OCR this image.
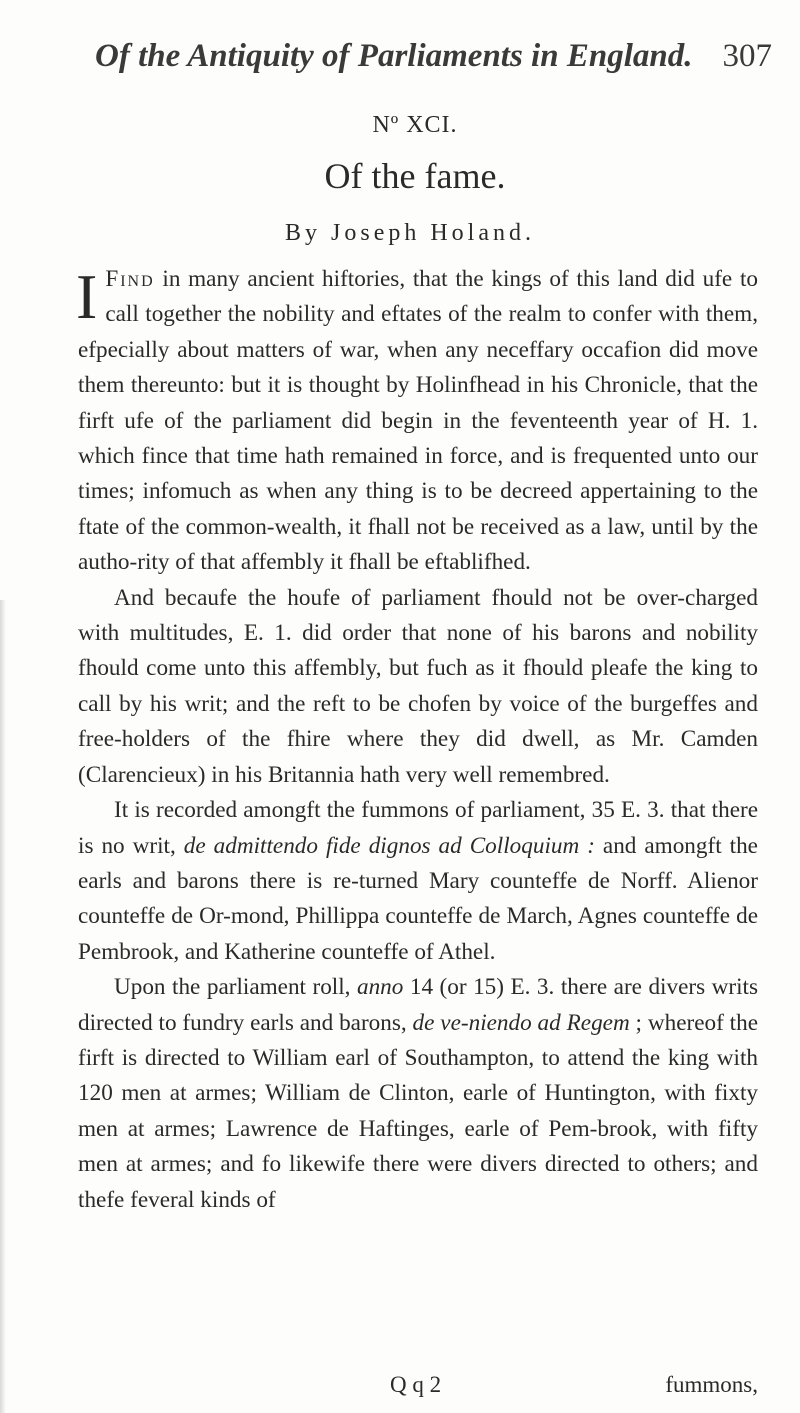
Of the Antiquity of Parliaments in England. 307
Nº XCI.
Of the fame.
By Joseph Holand.

I Find in many ancient hiftories, that the kings of this land did ufe to call together the nobility and eftates of the realm to confer with them, efpecially about matters of war, when any neceffary occafion did move them thereunto: but it is thought by Holinfhead in his Chronicle, that the firft ufe of the parliament did begin in the feventeenth year of H. 1. which fince that time hath remained in force, and is frequented unto our times; infomuch as when any thing is to be decreed appertaining to the ftate of the common-wealth, it fhall not be received as a law, until by the autho-rity of that affembly it fhall be eftablifhed.

And becaufe the houfe of parliament fhould not be over-charged with multitudes, E. 1. did order that none of his barons and nobility fhould come unto this affembly, but fuch as it fhould pleafe the king to call by his writ; and the reft to be chofen by voice of the burgeffes and free-holders of the fhire where they did dwell, as Mr. Camden (Clarencieux) in his Britannia hath very well remembred.

It is recorded amongft the fummons of parliament, 35 E. 3. that there is no writ, de admittendo fide dignos ad Colloquium : and amongft the earls and barons there is re-turned Mary counteffe de Norff. Alienor counteffe de Or-mond, Phillippa counteffe de March, Agnes counteffe de Pembrook, and Katherine counteffe of Athel.

Upon the parliament roll, anno 14 (or 15) E. 3. there are divers writs directed to fundry earls and barons, de ve-niendo ad Regem ; whereof the firft is directed to William earl of Southampton, to attend the king with 120 men at armes; William de Clinton, earle of Huntington, with fixty men at armes; Lawrence de Haftinges, earle of Pem-brook, with fifty men at armes; and fo likewife there were divers directed to others; and thefe feveral kinds of

Q q 2	fummons,
